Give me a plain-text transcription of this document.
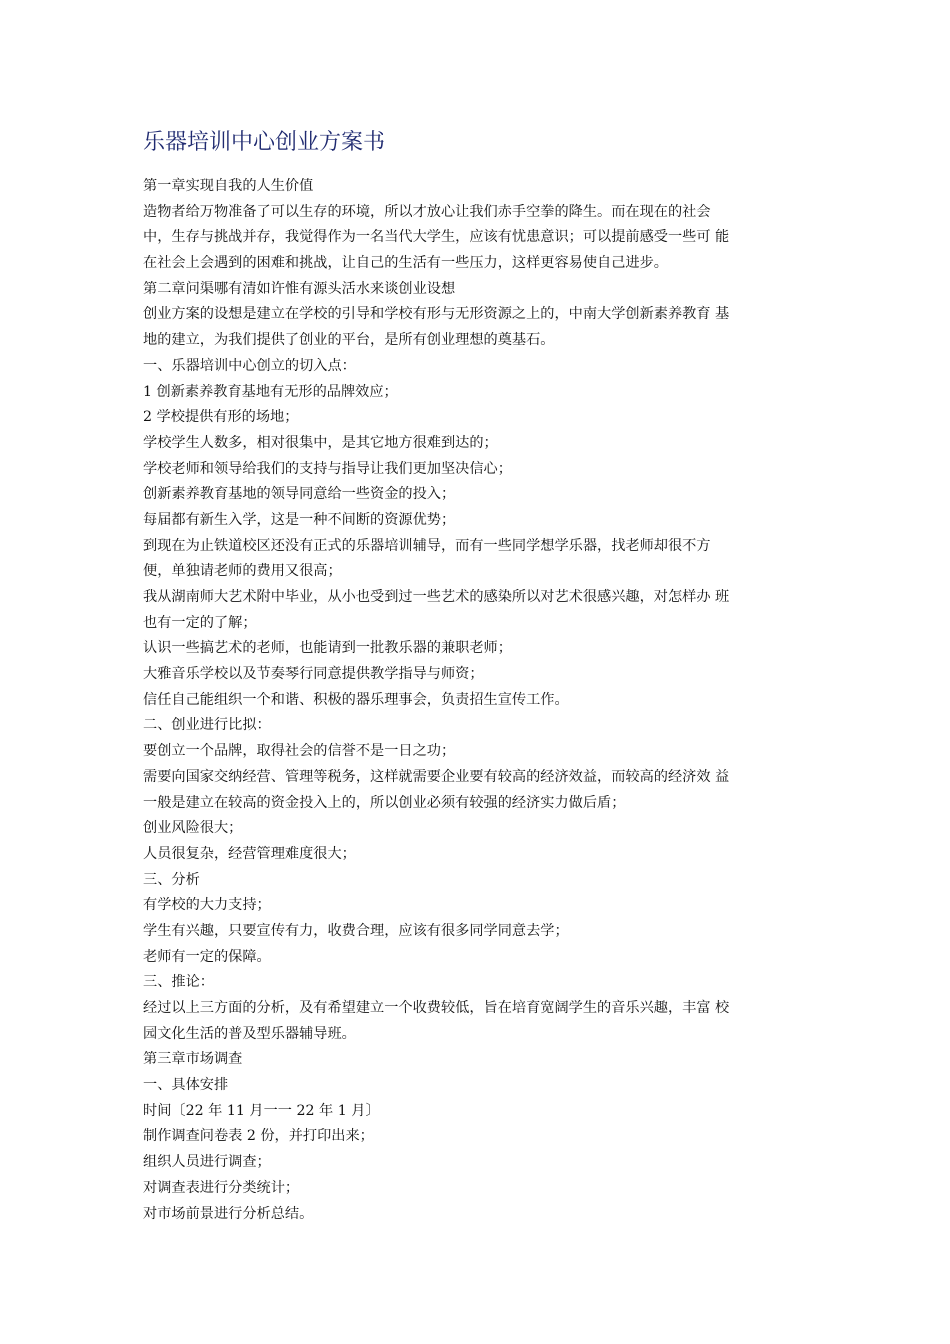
乐器培训中心创业方案书
第一章实现自我的人生价值
造物者给万物准备了可以生存的环境，所以才放心让我们赤手空拳的降生。而在现在的社会
中，生存与挑战并存，我觉得作为一名当代大学生，应该有忧患意识；可以提前感受一些可 能
在社会上会遇到的困难和挑战，让自己的生活有一些压力，这样更容易使自己进步。
第二章问渠哪有清如许惟有源头活水来谈创业设想
创业方案的设想是建立在学校的引导和学校有形与无形资源之上的，中南大学创新素养教育 基
地的建立，为我们提供了创业的平台，是所有创业理想的奠基石。
一、乐器培训中心创立的切入点：
1 创新素养教育基地有无形的品牌效应；
2 学校提供有形的场地；
学校学生人数多，相对很集中，是其它地方很难到达的；
学校老师和领导给我们的支持与指导让我们更加坚决信心；
创新素养教育基地的领导同意给一些资金的投入；
每届都有新生入学，这是一种不间断的资源优势；
到现在为止铁道校区还没有正式的乐器培训辅导，而有一些同学想学乐器，找老师却很不方
便，单独请老师的费用又很高；
我从湖南师大艺术附中毕业，从小也受到过一些艺术的感染所以对艺术很感兴趣，对怎样办 班
也有一定的了解；
认识一些搞艺术的老师，也能请到一批教乐器的兼职老师；
大雅音乐学校以及节奏琴行同意提供教学指导与师资；
信任自己能组织一个和谐、积极的器乐理事会，负责招生宣传工作。
二、创业进行比拟：
要创立一个品牌，取得社会的信誉不是一日之功；
需要向国家交纳经营、管理等税务，这样就需要企业要有较高的经济效益，而较高的经济效 益
一般是建立在较高的资金投入上的，所以创业必须有较强的经济实力做后盾；
创业风险很大；
人员很复杂，经营管理难度很大；
三、分析
有学校的大力支持；
学生有兴趣，只要宣传有力，收费合理，应该有很多同学同意去学；
老师有一定的保障。
三、推论：
经过以上三方面的分析，及有希望建立一个收费较低，旨在培育宽阔学生的音乐兴趣，丰富 校
园文化生活的普及型乐器辅导班。
第三章市场调查
一、具体安排
时间〔22 年 11 月一一 22 年 1 月〕
制作调查问卷表 2 份，并打印出来；
组织人员进行调查；
对调查表进行分类统计；
对市场前景进行分析总结。
